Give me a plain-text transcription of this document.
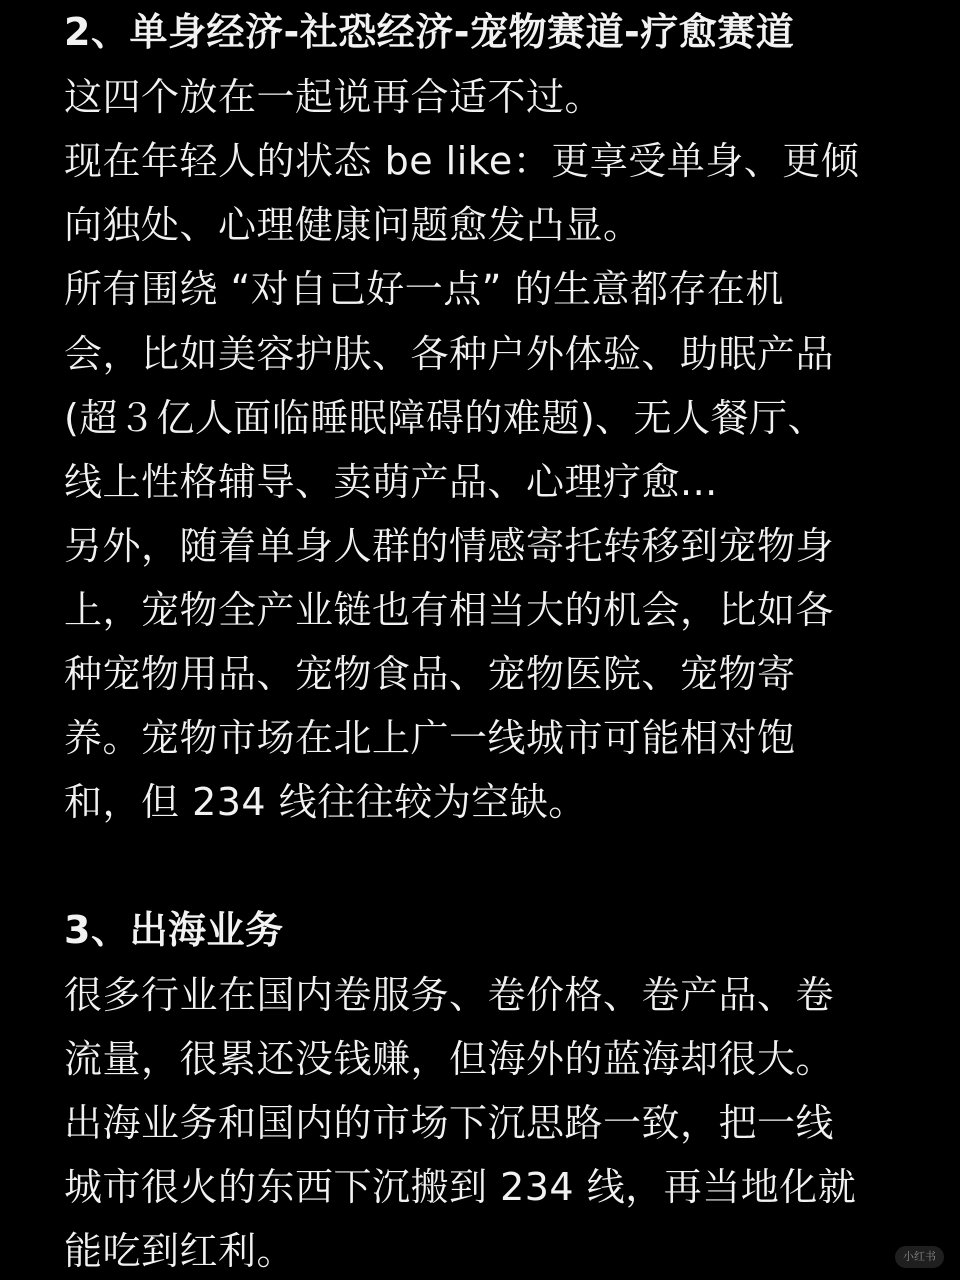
2、单身经济-社恐经济-宠物赛道-疗愈赛道
这四个放在一起说再合适不过。
现在年轻人的状态 be like：更享受单身、更倾
向独处、心理健康问题愈发凸显。
所有围绕 “对自己好一点” 的生意都存在机
会，比如美容护肤、各种户外体验、助眠产品
(超３亿人面临睡眠障碍的难题)、无人餐厅、
线上性格辅导、卖萌产品、心理疗愈...
另外，随着单身人群的情感寄托转移到宠物身
上，宠物全产业链也有相当大的机会，比如各
种宠物用品、宠物食品、宠物医院、宠物寄
养。宠物市场在北上广一线城市可能相对饱
和，但 234 线往往较为空缺。
3、出海业务
很多行业在国内卷服务、卷价格、卷产品、卷
流量，很累还没钱赚，但海外的蓝海却很大。
出海业务和国内的市场下沉思路一致，把一线
城市很火的东西下沉搬到 234 线，再当地化就
能吃到红利。	小红书
